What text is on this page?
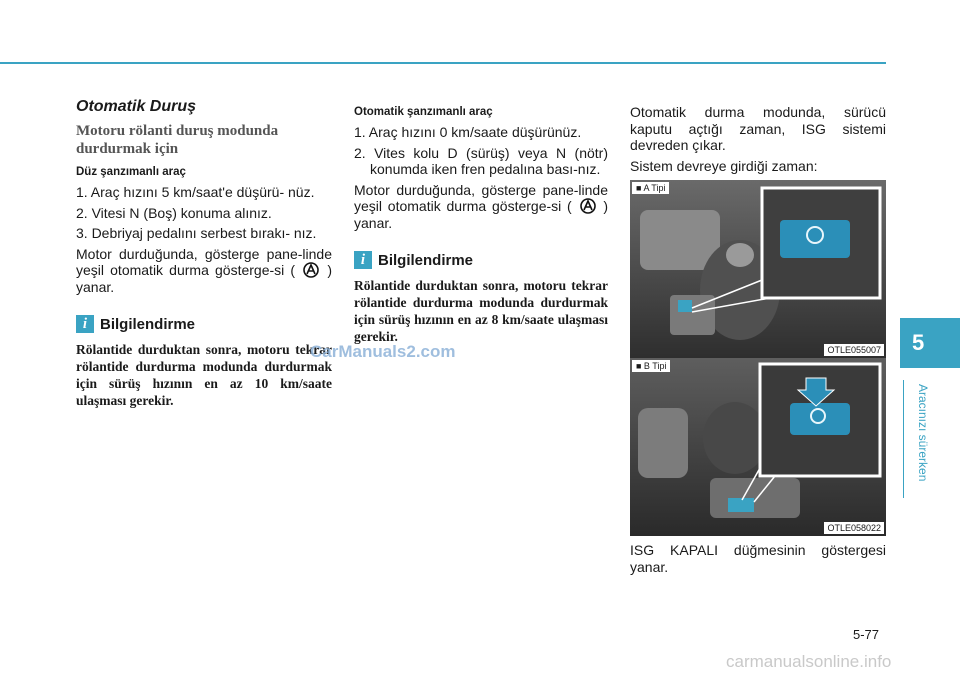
Otomatik Duruş
Motoru rölanti duruş modunda durdurmak için
Düz şanzımanlı araç
1. Araç hızını 5 km/saat'e düşürü- nüz.
2. Vitesi N (Boş) konuma alınız.
3. Debriyaj pedalını serbest bırakı- nız.
Motor durduğunda, gösterge pane-linde yeşil otomatik durma gösterge-si ( ) yanar.
i Bilgilendirme
Rölantide durduktan sonra, motoru tekrar rölantide durdurma modunda durdurmak için sürüş hızının en az 10 km/saate ulaşması gerekir.
Otomatik şanzımanlı araç
1. Araç hızını 0 km/saate düşürünüz.
2. Vites kolu D (sürüş) veya N (nötr) konumda iken fren pedalına bası-nız.
Motor durduğunda, gösterge pane-linde yeşil otomatik durma gösterge-si ( ) yanar.
i Bilgilendirme
Rölantide durduktan sonra, motoru tekrar rölantide durdurma modunda durdurmak için sürüş hızının en az 8 km/saate ulaşması gerekir.
Otomatik durma modunda, sürücü kaputu açtığı zaman, ISG sistemi devreden çıkar.
Sistem devreye girdiği zaman:
■ A Tipi
OTLE055007
■ B Tipi
OTLE058022
ISG KAPALI düğmesinin göstergesi yanar.
5
Aracınızı sürerken
5-77
CarManuals2.com
carmanualsonline.info
